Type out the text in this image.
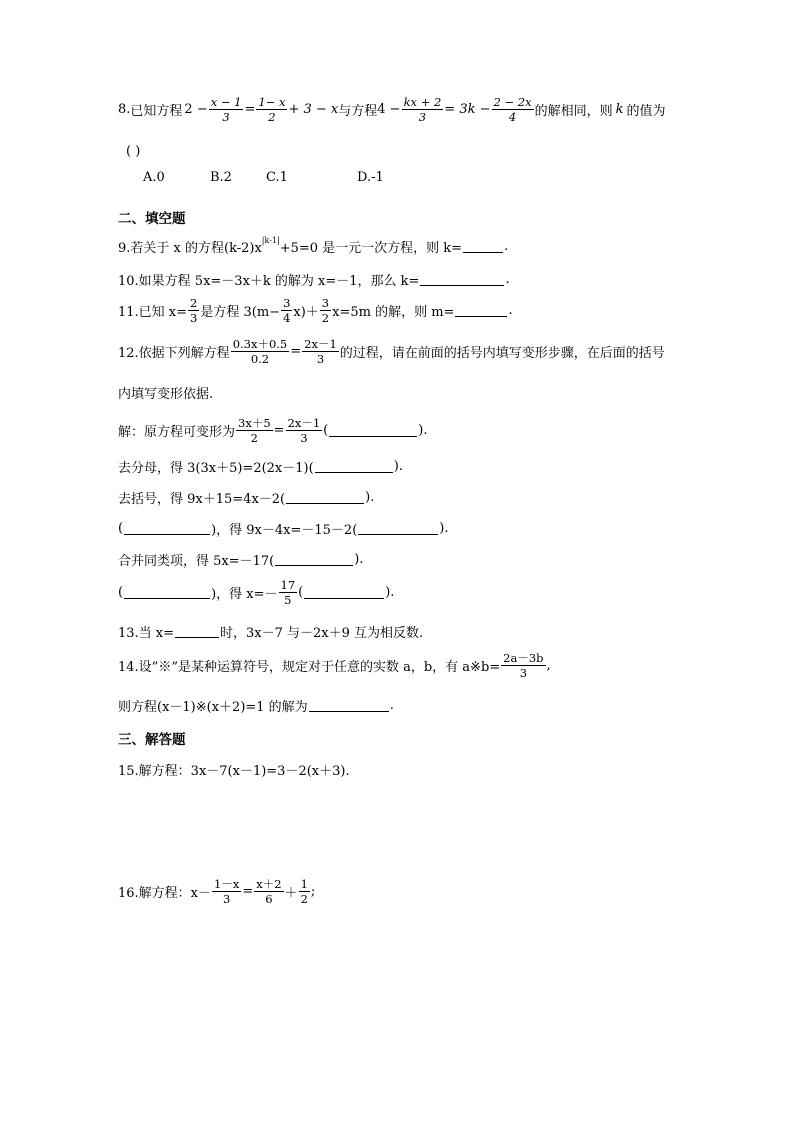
8. 已知方程 $2 - \frac{x - 1}{3} = \frac{1- x}{2} + 3 - x$ 与方程 $4 - \frac{kx + 2}{3} = 3k - \frac{2 - 2x}{4}$ 的解相同，则 k 的值为
( )
A.0	B.2	C.1	D.-1
二、填空题
9.若关于 x 的方程(k-2)x
|k-1|
+5=0 是一元一次方程，则 k=	.
10.如果方程 5x=－3x＋k 的解为 x=－1，那么 k=	.
11.已知 $x= \frac{2}{3}$ 是方程 $3(m- \frac{3}{4} x)+$
3
2 x=5m 的解，则 m=	.
12.依据下列解方程 $\frac{0.3x+0.5}{0.2} = \frac{2x-1}{3}$ 的过程，请在前面的括号内填写变形步骤，在后面的括号
内填写变形依据.
解：原方程可变形为 $\frac{3x+5}{2} = \frac{2x-1}{3}$ (	).
去分母，得 3(3x＋5)=2(2x－1)(	).
去括号，得 9x＋15=4x－2(	).
(	)，得 9x－4x=－15－2(	).
合并同类项，得 5x=－17(	).
(	)，得 x=－
17
5 (	).
13.当 x=	时，3x－7 与－2x＋9 互为相反数.
14.设”※”是某种运算符号，规定对于任意的实数 a，b，有 a※b= $\frac{2a-3b}{3}$ ,
则方程(x－1)※(x＋2)=1 的解为	.
三、解答题
15.解方程：3x－7(x－1)=3－2(x＋3).
16.解方程：$x- \frac{1-x}{3} = \frac{x+2}{6}$ ＋
1
2 ;
